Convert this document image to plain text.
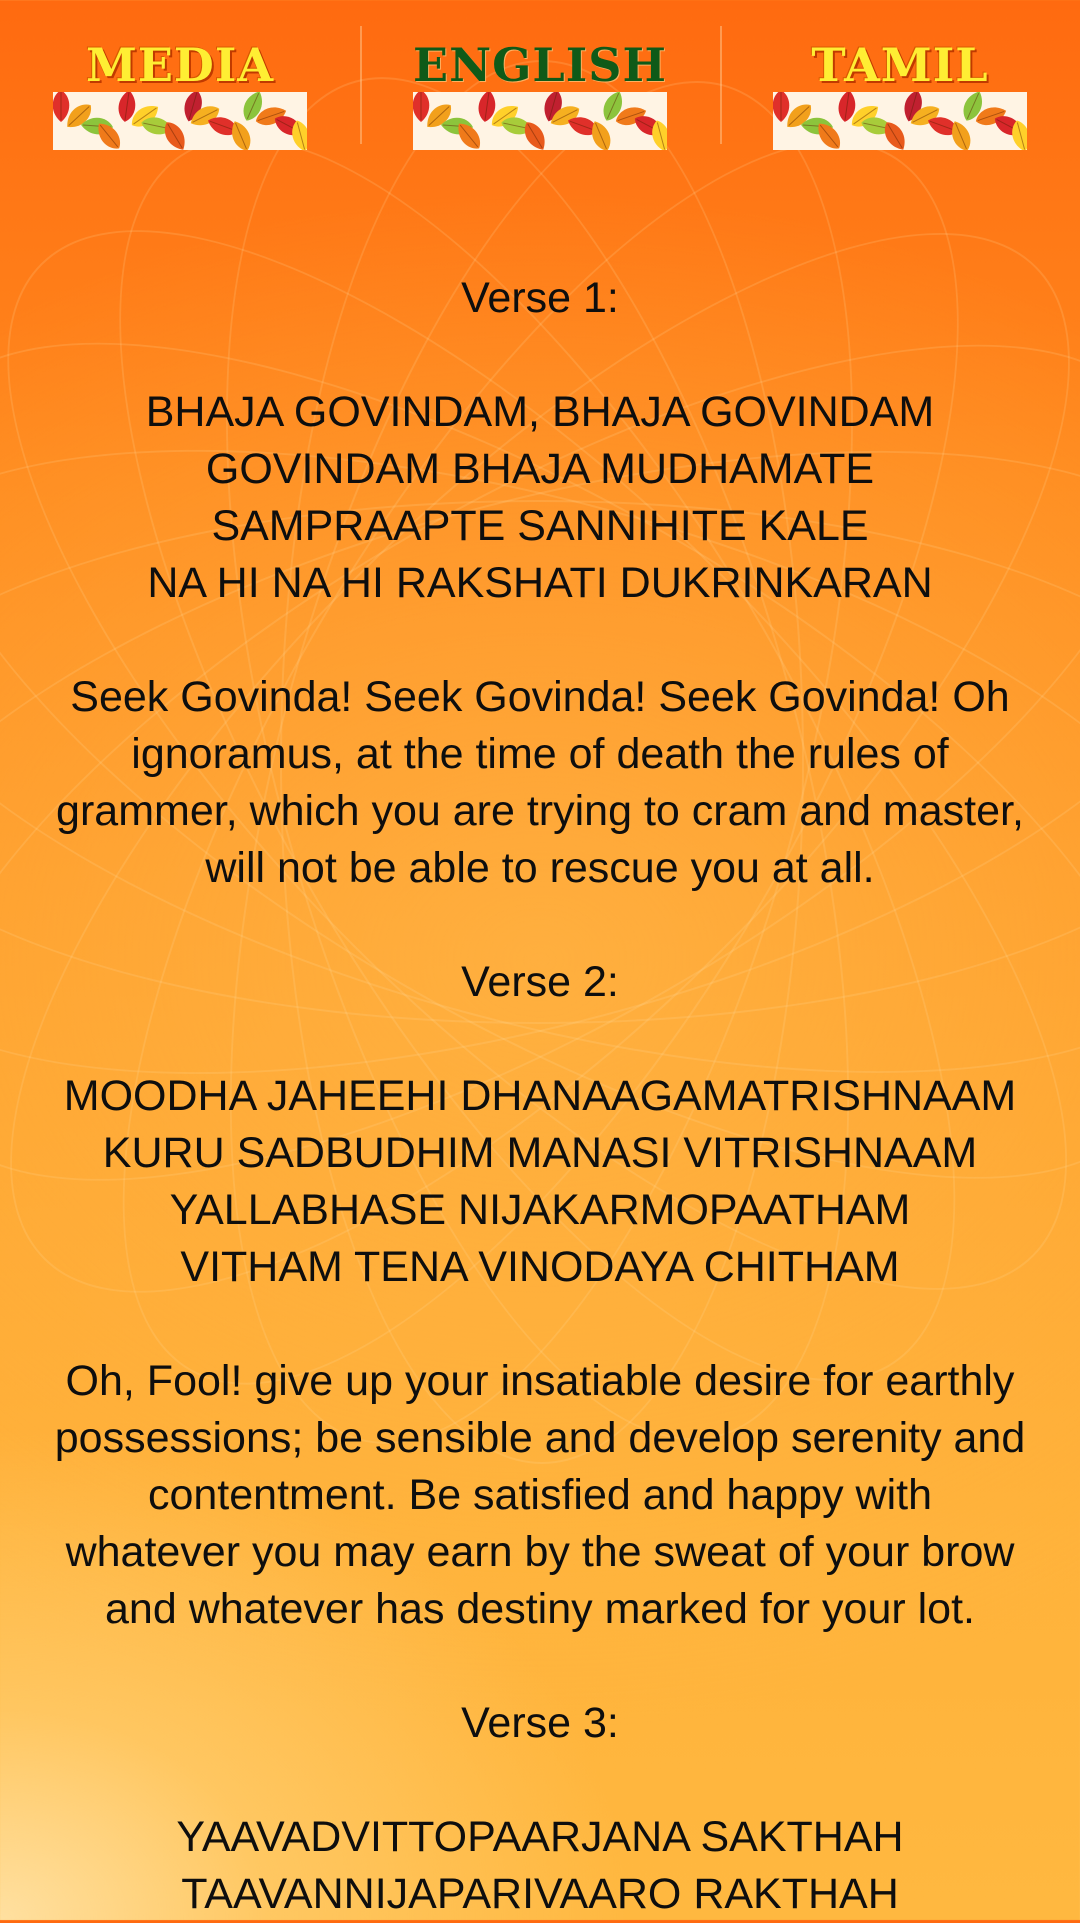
MEDIA	ENGLISH	TAMIL

Verse 1:

BHAJA GOVINDAM, BHAJA GOVINDAM

GOVINDAM BHAJA MUDHAMATE

SAMPRAAPTE SANNIHITE KALE

NA HI NA HI RAKSHATI DUKRINKARAN

Seek Govinda! Seek Govinda! Seek Govinda! Oh

ignoramus, at the time of death the rules of

grammer, which you are trying to cram and master,

will not be able to rescue you at all.

Verse 2:

MOODHA JAHEEHI DHANAAGAMATRISHNAAM

KURU SADBUDHIM MANASI VITRISHNAAM

YALLABHASE NIJAKARMOPAATHAM

VITHAM TENA VINODAYA CHITHAM

Oh, Fool! give up your insatiable desire for earthly

possessions; be sensible and develop serenity and

contentment. Be satisfied and happy with

whatever you may earn by the sweat of your brow

and whatever has destiny marked for your lot.

Verse 3:

YAAVADVITTOPAARJANA SAKTHAH

TAAVANNIJAPARIVAARO RAKTHAH
